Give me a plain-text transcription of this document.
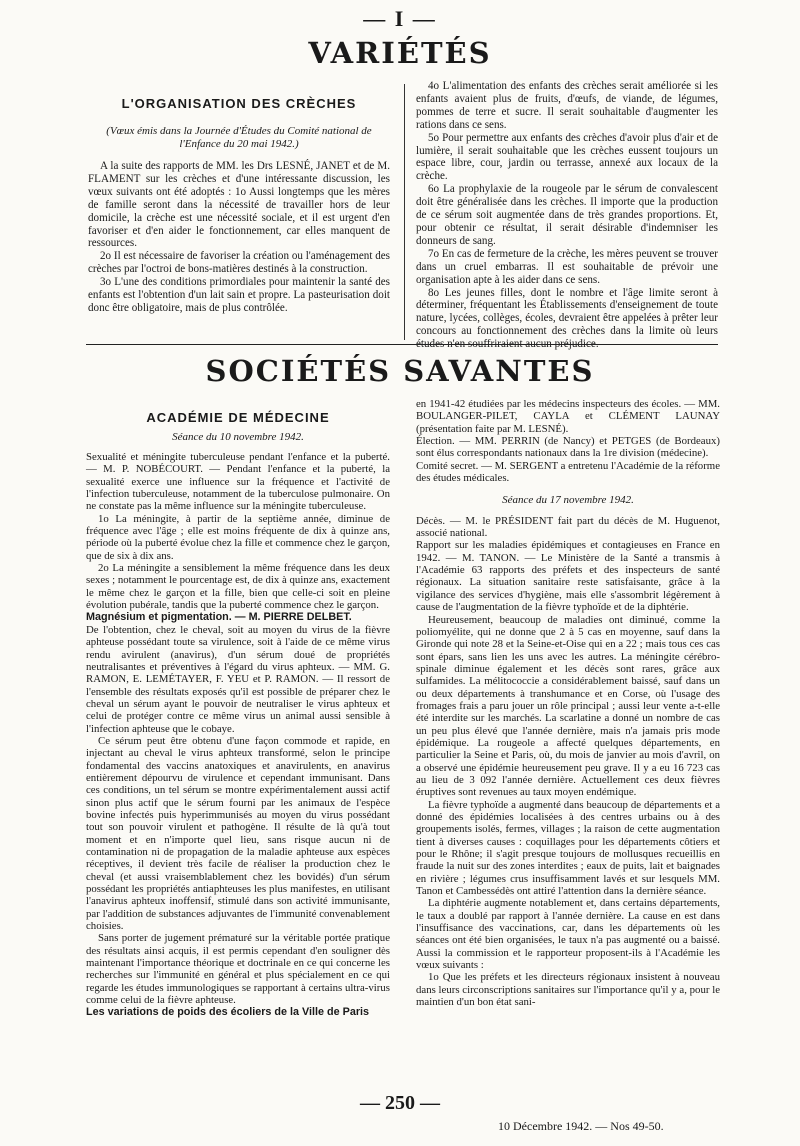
— I —
VARIÉTÉS
L'ORGANISATION DES CRÈCHES
(Vœux émis dans la Journée d'Études du Comité national de l'Enfance du 20 mai 1942.)

A la suite des rapports de MM. les Drs LESNÉ, JANET et de M. FLAMENT sur les crèches et d'une intéressante discussion, les vœux suivants ont été adoptés : 1o Aussi longtemps que les mères de famille seront dans la nécessité de travailler hors de leur domicile, la crèche est une nécessité sociale, et il est urgent d'en favoriser et d'en aider le fonctionnement, car elles manquent de ressources.

2o Il est nécessaire de favoriser la création ou l'aménagement des crèches par l'octroi de bons-matières destinés à la construction.

3o L'une des conditions primordiales pour maintenir la santé des enfants est l'obtention d'un lait sain et propre. La pasteurisation doit donc être obligatoire, mais de plus contrôlée.

4o L'alimentation des enfants des crèches serait améliorée si les enfants avaient plus de fruits, d'œufs, de viande, de légumes, pommes de terre et sucre. Il serait souhaitable d'augmenter les rations dans ce sens.

5o Pour permettre aux enfants des crèches d'avoir plus d'air et de lumière, il serait souhaitable que les crèches eussent toujours un espace libre, cour, jardin ou terrasse, annexé aux locaux de la crèche.

6o La prophylaxie de la rougeole par le sérum de convalescent doit être généralisée dans les crèches. Il importe que la production de ce sérum soit augmentée dans de très grandes proportions. Et, pour obtenir ce résultat, il serait désirable d'indemniser les donneurs de sang.

7o En cas de fermeture de la crèche, les mères peuvent se trouver dans un cruel embarras. Il est souhaitable de prévoir une organisation apte à les aider dans ce sens.

8o Les jeunes filles, dont le nombre et l'âge limite seront à déterminer, fréquentant les Établissements d'enseignement de toute nature, lycées, collèges, écoles, devraient être appelées à prêter leur concours au fonctionnement des crèches dans la limite où leurs études n'en souffriraient aucun préjudice.

SOCIÉTÉS SAVANTES
ACADÉMIE DE MÉDECINE
Séance du 10 novembre 1942.

Sexualité et méningite tuberculeuse pendant l'enfance et la puberté. — M. P. NOBÉCOURT. — Pendant l'enfance et la puberté, la sexualité exerce une influence sur la fréquence et l'activité de l'infection tuberculeuse, notamment de la tuberculose pulmonaire. On ne constate pas la même influence sur la méningite tuberculeuse.

1o La méningite, à partir de la septième année, diminue de fréquence avec l'âge ; elle est moins fréquente de dix à quinze ans, période où la puberté évolue chez la fille et commence chez le garçon, que de six à dix ans.

2o La méningite a sensiblement la même fréquence dans les deux sexes ; notamment le pourcentage est, de dix à quinze ans, exactement le même chez le garçon et la fille, bien que celle-ci soit en pleine évolution pubérale, tandis que la puberté commence chez le garçon.

Magnésium et pigmentation. — M. PIERRE DELBET.

De l'obtention, chez le cheval, soit au moyen du virus de la fièvre aphteuse possédant toute sa virulence, soit à l'aide de ce même virus rendu avirulent (anavirus), d'un sérum doué de propriétés neutralisantes et préventives à l'égard du virus aphteux. — MM. G. RAMON, E. LEMÉTAYER, F. YEU et P. RAMON. — Il ressort de l'ensemble des résultats exposés qu'il est possible de préparer chez le cheval un sérum ayant le pouvoir de neutraliser le virus aphteux et celui de protéger contre ce même virus un animal aussi sensible à l'infection aphteuse que le cobaye.

Ce sérum peut être obtenu d'une façon commode et rapide, en injectant au cheval le virus aphteux transformé, selon le principe fondamental des vaccins anatoxiques et anavirulents, en anavirus entièrement dépourvu de virulence et cependant immunisant. Dans ces conditions, un tel sérum se montre expérimentalement aussi actif sinon plus actif que le sérum fourni par les animaux de l'espèce bovine infectés puis hyperimmunisés au moyen du virus possédant tout son pouvoir virulent et pathogène. Il résulte de là qu'à tout moment et en n'importe quel lieu, sans risque aucun ni de contamination ni de propagation de la maladie aphteuse aux espèces réceptives, il devient très facile de réaliser la production chez le cheval (et aussi vraisemblablement chez les bovidés) d'un sérum possédant les propriétés antiaphteuses les plus manifestes, en utilisant l'anavirus aphteux inoffensif, stimulé dans son activité immunisante, par l'addition de substances adjuvantes de l'immunité convenablement choisies.

Sans porter de jugement prématuré sur la véritable portée pratique des résultats ainsi acquis, il est permis cependant d'en souligner dès maintenant l'importance théorique et doctrinale en ce qui concerne les recherches sur l'immunité en général et plus spécialement en ce qui regarde les études immunologiques se rapportant à certains ultra-virus comme celui de la fièvre aphteuse.

Les variations de poids des écoliers de la Ville de Paris

en 1941-42 étudiées par les médecins inspecteurs des écoles. — MM. BOULANGER-PILET, CAYLA et CLÉMENT LAUNAY (présentation faite par M. LESNÉ).

Élection. — MM. PERRIN (de Nancy) et PETGES (de Bordeaux) sont élus correspondants nationaux dans la 1re division (médecine).

Comité secret. — M. SERGENT a entretenu l'Académie de la réforme des études médicales.

Séance du 17 novembre 1942.

Décès. — M. le PRÉSIDENT fait part du décès de M. Huguenot, associé national.

Rapport sur les maladies épidémiques et contagieuses en France en 1942. — M. TANON. — Le Ministère de la Santé a transmis à l'Académie 63 rapports des préfets et des inspecteurs de santé régionaux. La situation sanitaire reste satisfaisante, grâce à la vigilance des services d'hygiène, mais elle s'assombrit légèrement à cause de l'augmentation de la fièvre typhoïde et de la diphtérie.

Heureusement, beaucoup de maladies ont diminué, comme la poliomyélite, qui ne donne que 2 à 5 cas en moyenne, sauf dans la Gironde qui note 28 et la Seine-et-Oise qui en a 22 ; mais tous ces cas sont épars, sans lien les uns avec les autres. La méningite cérébro-spinale diminue également et les décès sont rares, grâce aux sulfamides. La mélitococcie a considérablement baissé, sauf dans un ou deux départements à transhumance et en Corse, où l'usage des fromages frais a paru jouer un rôle principal ; aussi leur vente a-t-elle été interdite sur les marchés. La scarlatine a donné un nombre de cas un peu plus élevé que l'année dernière, mais n'a jamais pris mode épidémique. La rougeole a affecté quelques départements, en particulier la Seine et Paris, où, du mois de janvier au mois d'avril, on a observé une épidémie heureusement peu grave. Il y a eu 16 723 cas au lieu de 3 092 l'année dernière. Actuellement ces deux fièvres éruptives sont revenues au taux moyen endémique.

La fièvre typhoïde a augmenté dans beaucoup de départements et a donné des épidémies localisées à des centres urbains ou à des groupements isolés, fermes, villages ; la raison de cette augmentation tient à diverses causes : coquillages pour les départements côtiers et pour le Rhône; il s'agit presque toujours de mollusques recueillis en fraude la nuit sur des zones interdites ; eaux de puits, lait et baignades en rivière ; légumes crus insuffisamment lavés et sur lesquels MM. Tanon et Cambessédès ont attiré l'attention dans la dernière séance.

La diphtérie augmente notablement et, dans certains départements, le taux a doublé par rapport à l'année dernière. La cause en est dans l'insuffisance des vaccinations, car, dans les départements où les séances ont été bien organisées, le taux n'a pas augmenté ou a baissé. Aussi la commission et le rapporteur proposent-ils à l'Académie les vœux suivants :

1o Que les préfets et les directeurs régionaux insistent à nouveau dans leurs circonscriptions sanitaires sur l'importance qu'il y a, pour le maintien d'un bon état sani-

— 250 —
10 Décembre 1942. — Nos 49-50.
